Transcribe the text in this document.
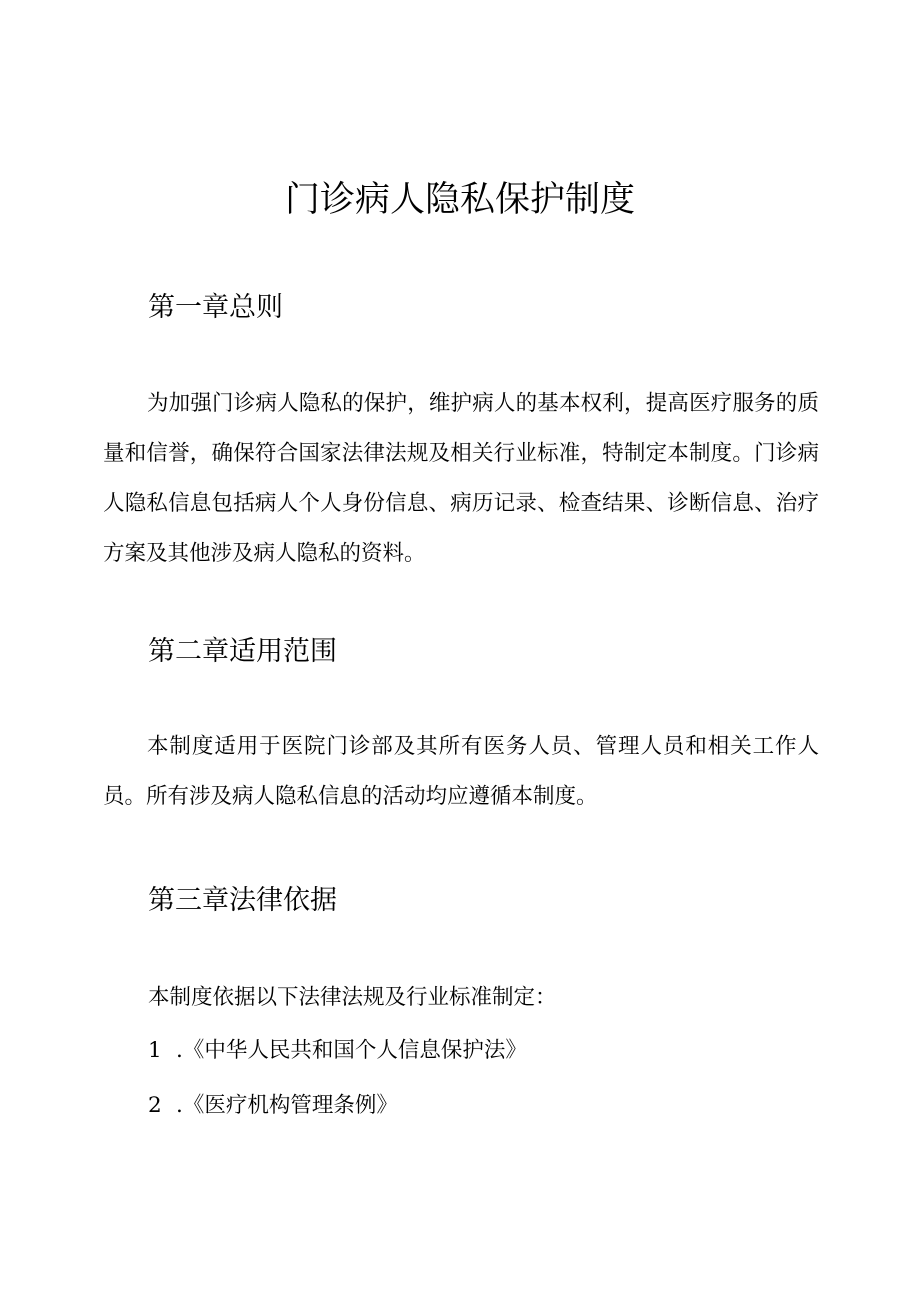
门诊病人隐私保护制度
第一章总则

为加强门诊病人隐私的保护，维护病人的基本权利，提高医疗服务的质量和信誉，确保符合国家法律法规及相关行业标准，特制定本制度。门诊病人隐私信息包括病人个人身份信息、病历记录、检查结果、诊断信息、治疗方案及其他涉及病人隐私的资料。

第二章适用范围

本制度适用于医院门诊部及其所有医务人员、管理人员和相关工作人员。所有涉及病人隐私信息的活动均应遵循本制度。

第三章法律依据

本制度依据以下法律法规及行业标准制定：

1 .《中华人民共和国个人信息保护法》

2 .《医疗机构管理条例》
